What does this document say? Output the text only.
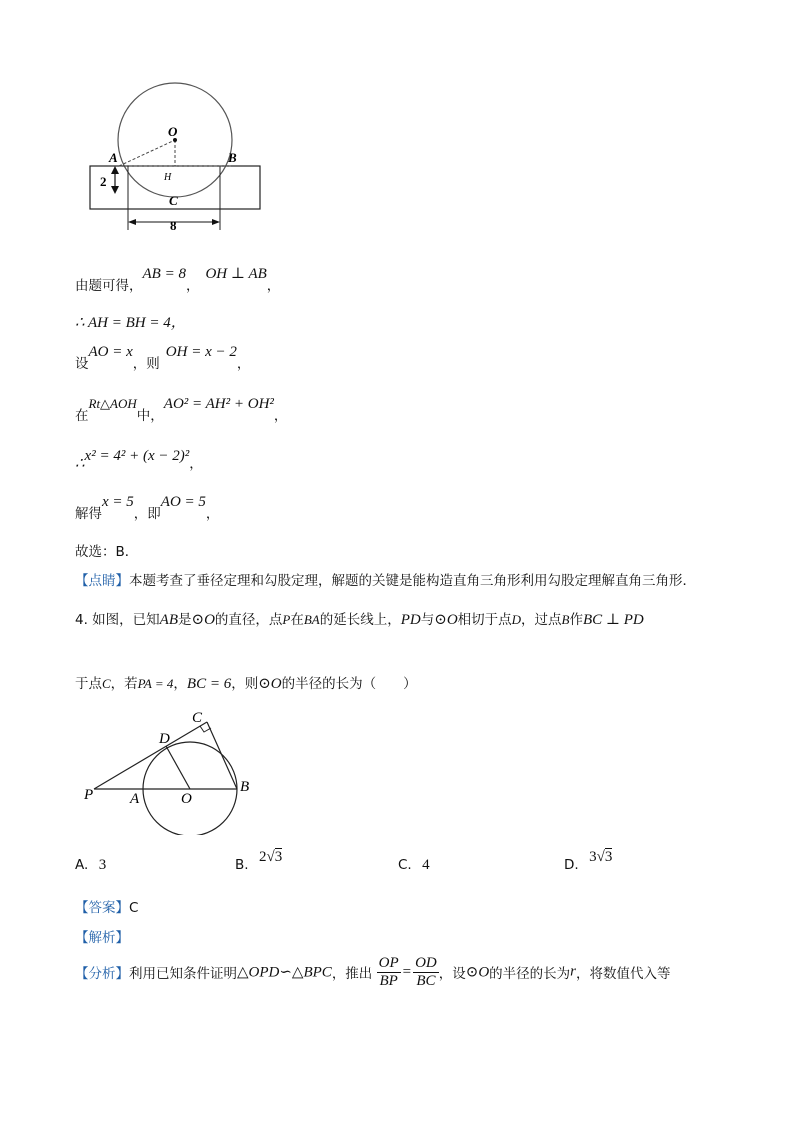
O
A	B
H
C
2
8
由题可得，AB = 8，OH ⊥ AB，
∴ AH = BH = 4，
设AO = x，则OH = x − 2，
在Rt△AOH中，AO² = AH² + OH²，
∴x² = 4² + (x − 2)²，
解得x = 5，即AO = 5，
故选：B．
【点睛】本题考查了垂径定理和勾股定理，解题的关键是能构造直角三角形利用勾股定理解直角三角形．
4. 如图，已知AB是⊙O的直径，点P在BA的延长线上，PD与⊙O相切于点D，过点B作BC ⊥ PD
于点C，若PA = 4，BC = 6，则⊙O的半径的长为（　　）
C
D
P A	O
B
A. 3	B. 2√3	C. 4	D. 3√3
【答案】C
【解析】
【分析】利用已知条件证明△OPD∽△BPC，推出 $\frac{OP}{BP} = \frac{OD}{BC}$ ，设⊙O的半径的长为r，将数值代入等
